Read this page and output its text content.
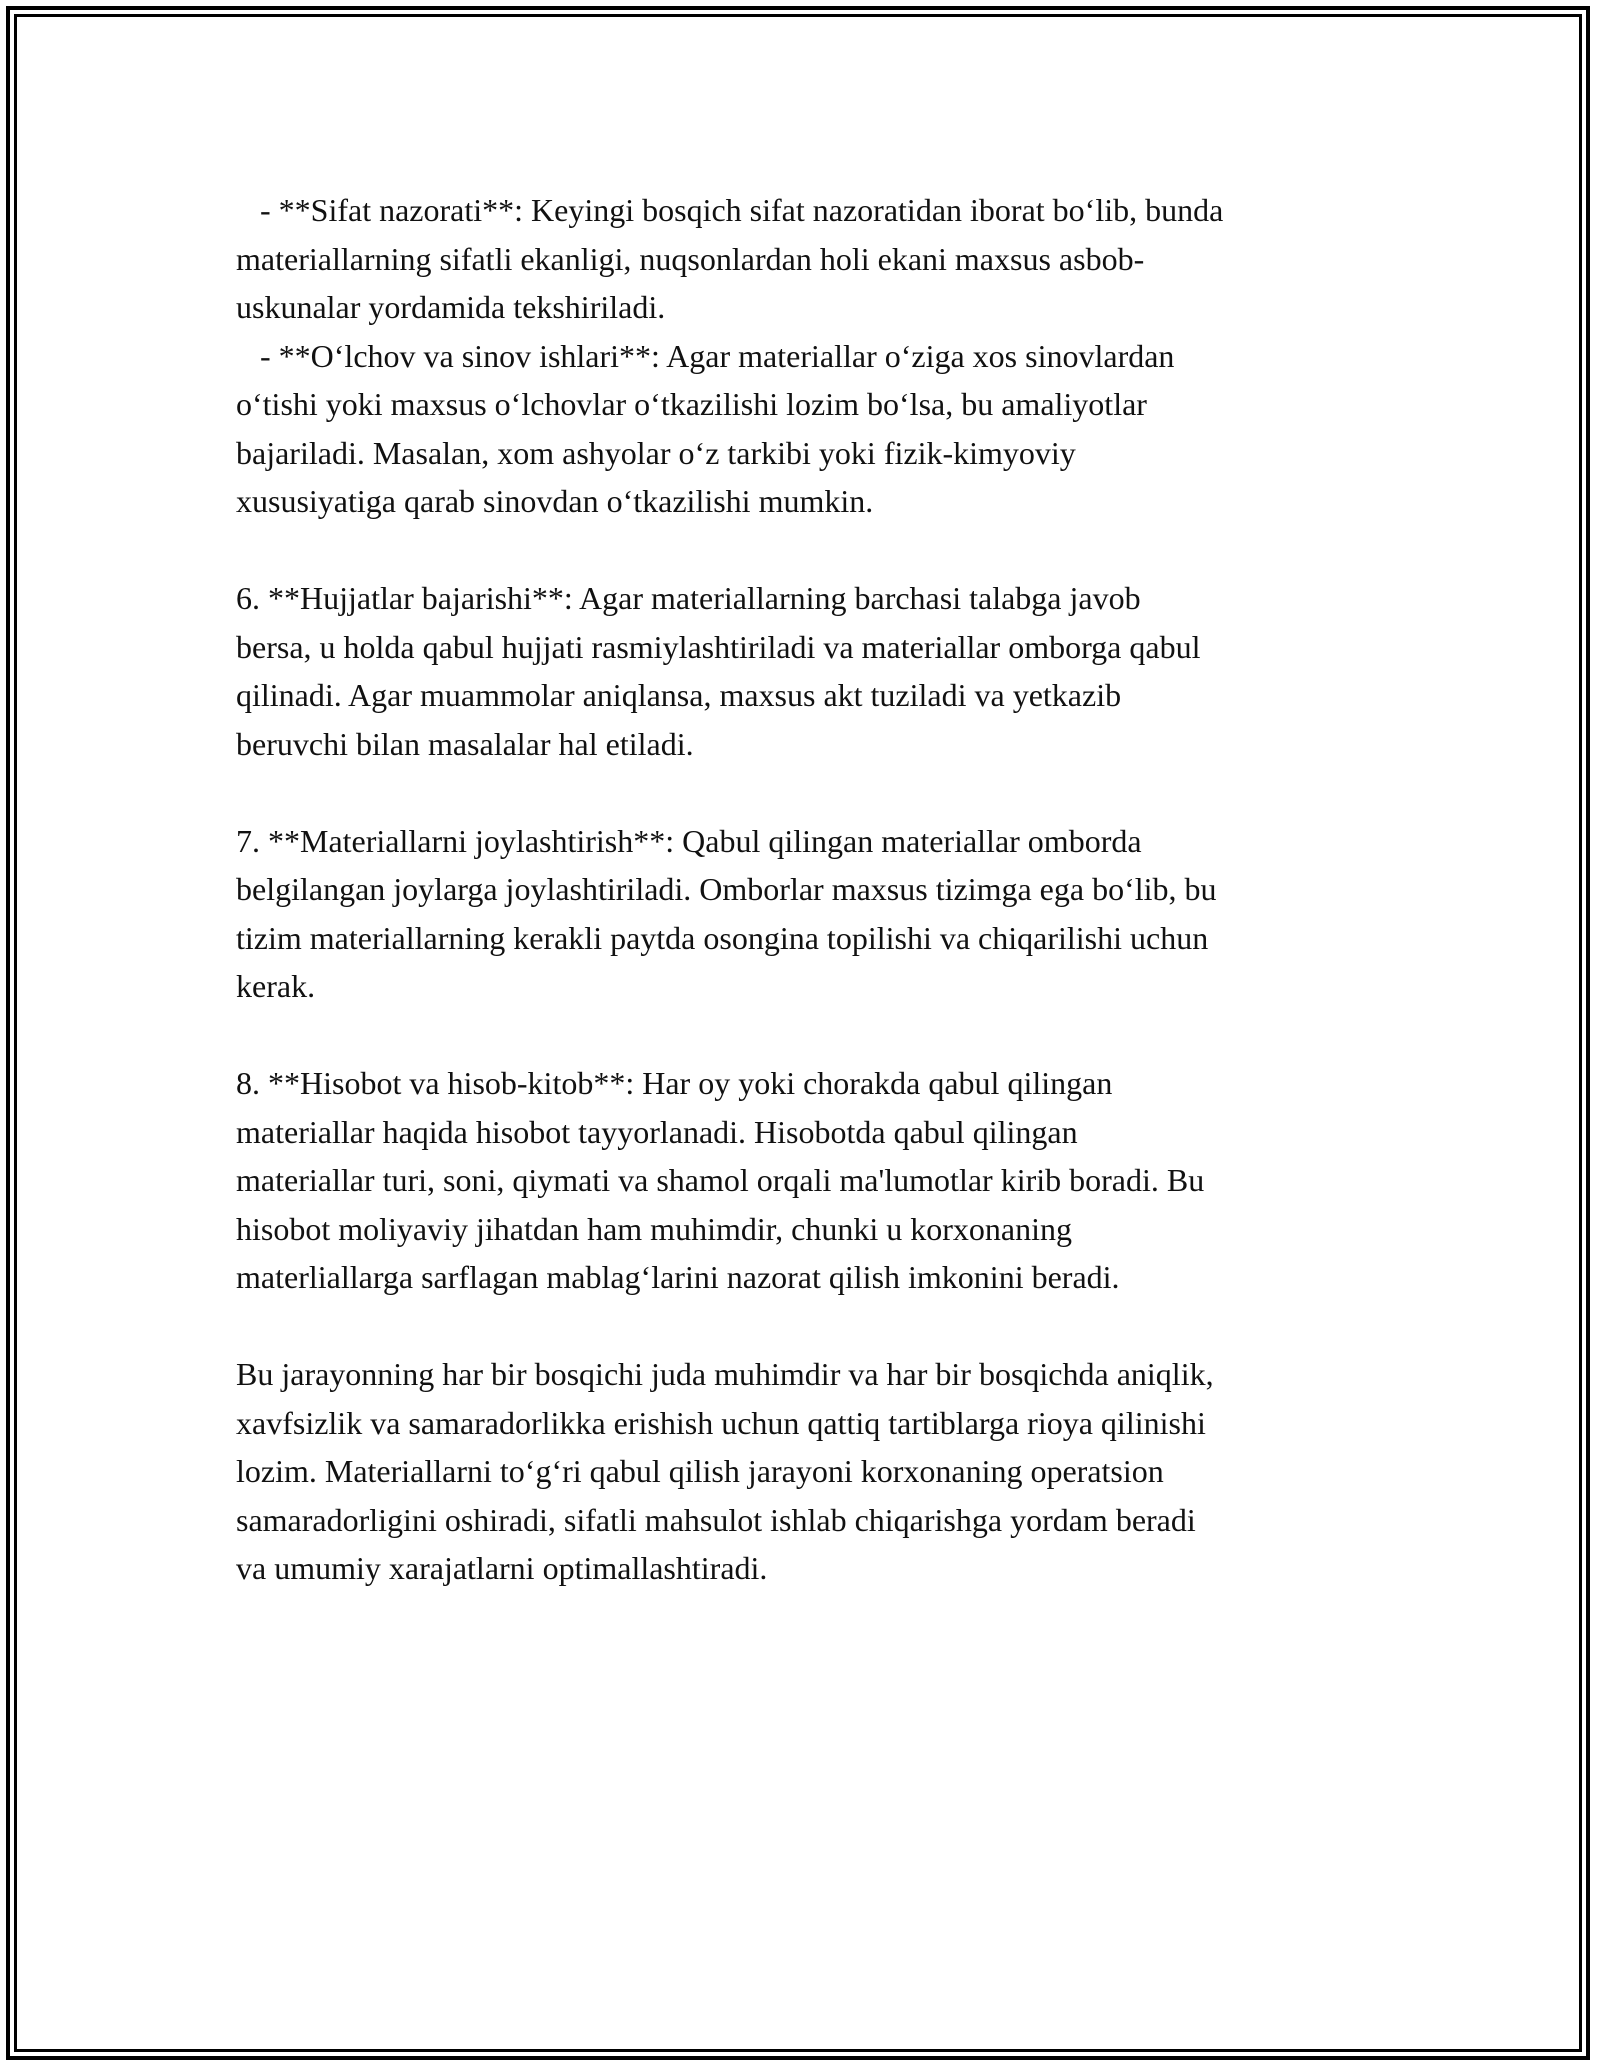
- **Sifat nazorati**: Keyingi bosqich sifat nazoratidan iborat bo‘lib, bunda
materiallarning sifatli ekanligi, nuqsonlardan holi ekani maxsus asbob-
uskunalar yordamida tekshiriladi.
- **O‘lchov va sinov ishlari**: Agar materiallar o‘ziga xos sinovlardan
o‘tishi yoki maxsus o‘lchovlar o‘tkazilishi lozim bo‘lsa, bu amaliyotlar
bajariladi. Masalan, xom ashyolar o‘z tarkibi yoki fizik-kimyoviy
xususiyatiga qarab sinovdan o‘tkazilishi mumkin.
6. **Hujjatlar bajarishi**: Agar materiallarning barchasi talabga javob
bersa, u holda qabul hujjati rasmiylashtiriladi va materiallar omborga qabul
qilinadi. Agar muammolar aniqlansa, maxsus akt tuziladi va yetkazib
beruvchi bilan masalalar hal etiladi.
7. **Materiallarni joylashtirish**: Qabul qilingan materiallar omborda
belgilangan joylarga joylashtiriladi. Omborlar maxsus tizimga ega bo‘lib, bu
tizim materiallarning kerakli paytda osongina topilishi va chiqarilishi uchun
kerak.
8. **Hisobot va hisob-kitob**: Har oy yoki chorakda qabul qilingan
materiallar haqida hisobot tayyorlanadi. Hisobotda qabul qilingan
materiallar turi, soni, qiymati va shamol orqali ma'lumotlar kirib boradi. Bu
hisobot moliyaviy jihatdan ham muhimdir, chunki u korxonaning
materliallarga sarflagan mablag‘larini nazorat qilish imkonini beradi.
Bu jarayonning har bir bosqichi juda muhimdir va har bir bosqichda aniqlik,
xavfsizlik va samaradorlikka erishish uchun qattiq tartiblarga rioya qilinishi
lozim. Materiallarni to‘g‘ri qabul qilish jarayoni korxonaning operatsion
samaradorligini oshiradi, sifatli mahsulot ishlab chiqarishga yordam beradi
va umumiy xarajatlarni optimallashtiradi.
